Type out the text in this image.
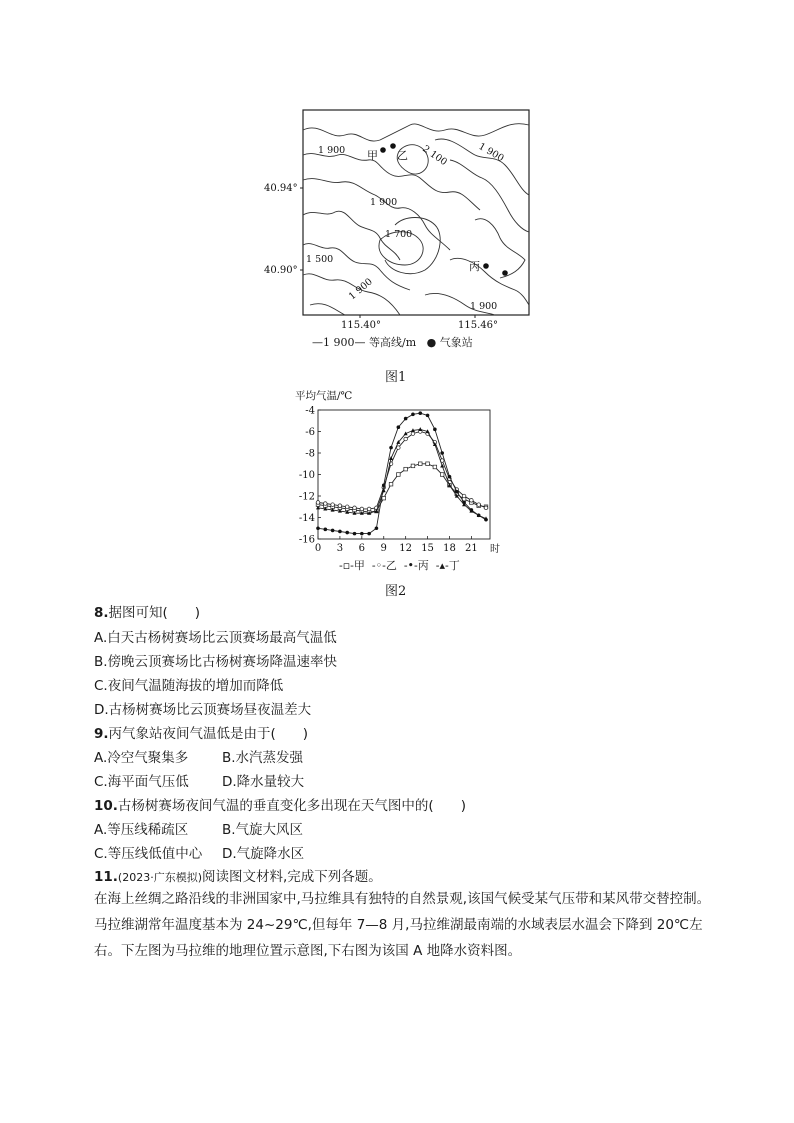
1 900	2 100	1 900
1 900
1 700
1 500
1 900
1 900
甲 乙
丙
40.94°
40.90°
115.40°	115.46°
—1 900— 等高线/m ● 气象站
图1
平均气温/℃
时
-4
-6
-8
-10
-12
-14
-16
0 3 6 9 12 15 18 21
-▫-甲 -◦-乙 -•-丙 -▴-丁
图2
8.据图可知(　　)
A.白天古杨树赛场比云顶赛场最高气温低
B.傍晚云顶赛场比古杨树赛场降温速率快
C.夜间气温随海拔的增加而降低
D.古杨树赛场比云顶赛场昼夜温差大
9.丙气象站夜间气温低是由于(　　)
A.冷空气聚集多 B.水汽蒸发强
C.海平面气压低 D.降水量较大
10.古杨树赛场夜间气温的垂直变化多出现在天气图中的(　　)
A.等压线稀疏区 B.气旋大风区
C.等压线低值中心 D.气旋降水区
11.(2023·广东模拟)阅读图文材料,完成下列各题。
在海上丝绸之路沿线的非洲国家中,马拉维具有独特的自然景观,该国气候受某气压带和某风带交替控制。马拉维湖常年温度基本为 24~29℃,但每年 7—8 月,马拉维湖最南端的水域表层水温会下降到 20℃左右。下左图为马拉维的地理位置示意图,下右图为该国 A 地降水资料图。
